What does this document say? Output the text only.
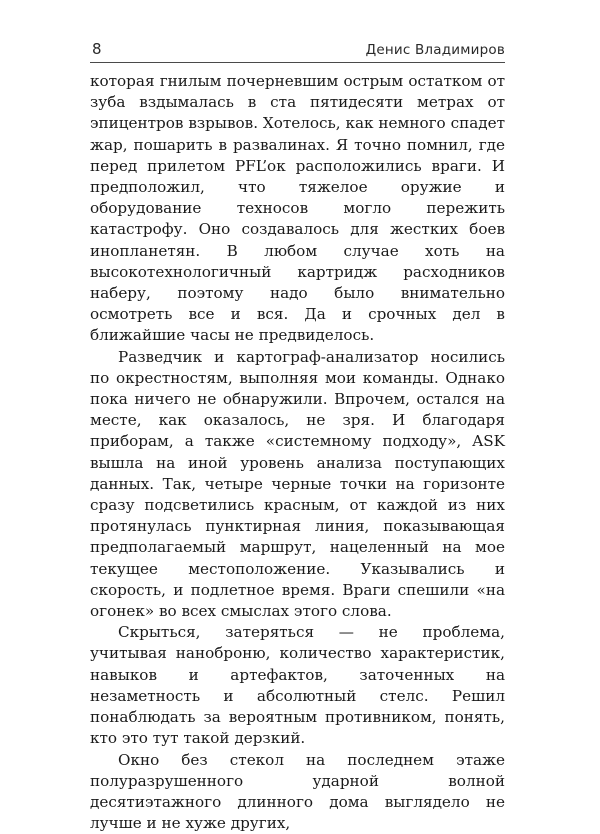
8	Денис Владимиров

которая гнилым почерневшим острым остатком от зуба вздымалась в ста пятидесяти метрах от эпицентров взрывов. Хотелось, как немного спадет жар, пошарить в развалинах. Я точно помнил, где перед прилетом PFL’ок расположились враги. И предположил, что тяжелое оружие и оборудование техносов могло пережить катастрофу. Оно создавалось для жестких боев инопланетян. В любом случае хоть на высокотехнологичный картридж расходников наберу, поэтому надо было внимательно осмотреть все и вся. Да и срочных дел в ближайшие часы не предвиделось.

Разведчик и картограф-анализатор носились по окрестностям, выполняя мои команды. Однако пока ничего не обнаружили. Впрочем, остался на месте, как оказалось, не зря. И благодаря приборам, а также «системному подходу», ASK вышла на иной уровень анализа поступающих данных. Так, четыре черные точки на горизонте сразу подсветились красным, от каждой из них протянулась пунктирная линия, показывающая предполагаемый маршрут, нацеленный на мое текущее местоположение. Указывались и скорость, и подлетное время. Враги спешили «на огонек» во всех смыслах этого слова.

Скрыться, затеряться — не проблема, учитывая наноброню, количество характеристик, навыков и артефактов, заточенных на незаметность и абсолютный стелс. Решил понаблюдать за вероятным противником, понять, кто это тут такой дерзкий.

Окно без стекол на последнем этаже полуразрушенного ударной волной десятиэтажного длинного дома выглядело не лучше и не хуже других,
